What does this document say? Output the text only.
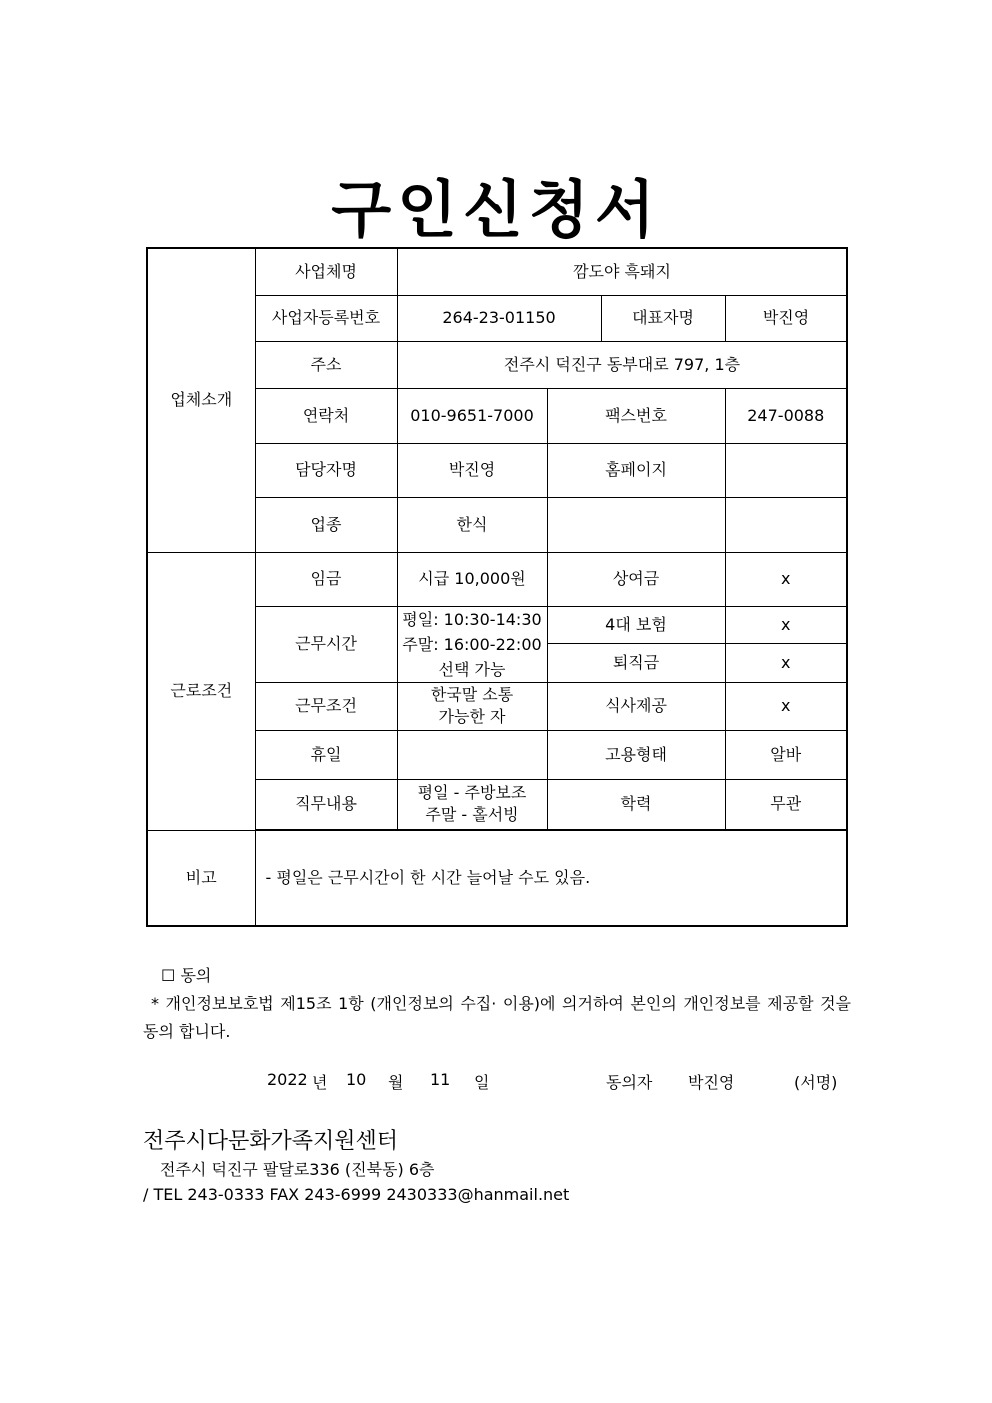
구인신청서
업체소개	사업체명	깜도야 흑돼지			
	사업자등록번호	264-23-01150		대표자명	박진영
	주소	전주시 덕진구 동부대로 797, 1층			
	연락처	010-9651-7000	팩스번호		247-0088
	담당자명	박진영	홈페이지		
	업종	한식			
근로조건	임금	시급 10,000원	상여금		x
	근무시간	평일: 10:30-14:30
주말: 16:00-22:00
선택 가능	4대 보험		x
			퇴직금		x
	근무조건	한국말 소통
가능한 자	식사제공		x
	휴일		고용형태		알바
	직무내용	평일 - 주방보조
주말 - 홀서빙	학력		무관

비고	- 평일은 근무시간이 한 시간 늘어날 수도 있음.				
☐ 동의
* 개인정보보호법 제15조 1항 (개인정보의 수집· 이용)에 의거하여 본인의 개인정보를 제공할 것을 동의 합니다.
2022 년 10 월 11 일	동의자 박진영	(서명)
전주시다문화가족지원센터
전주시 덕진구 팔달로336 (진북동) 6층
/ TEL 243-0333 FAX 243-6999 2430333@hanmail.net
